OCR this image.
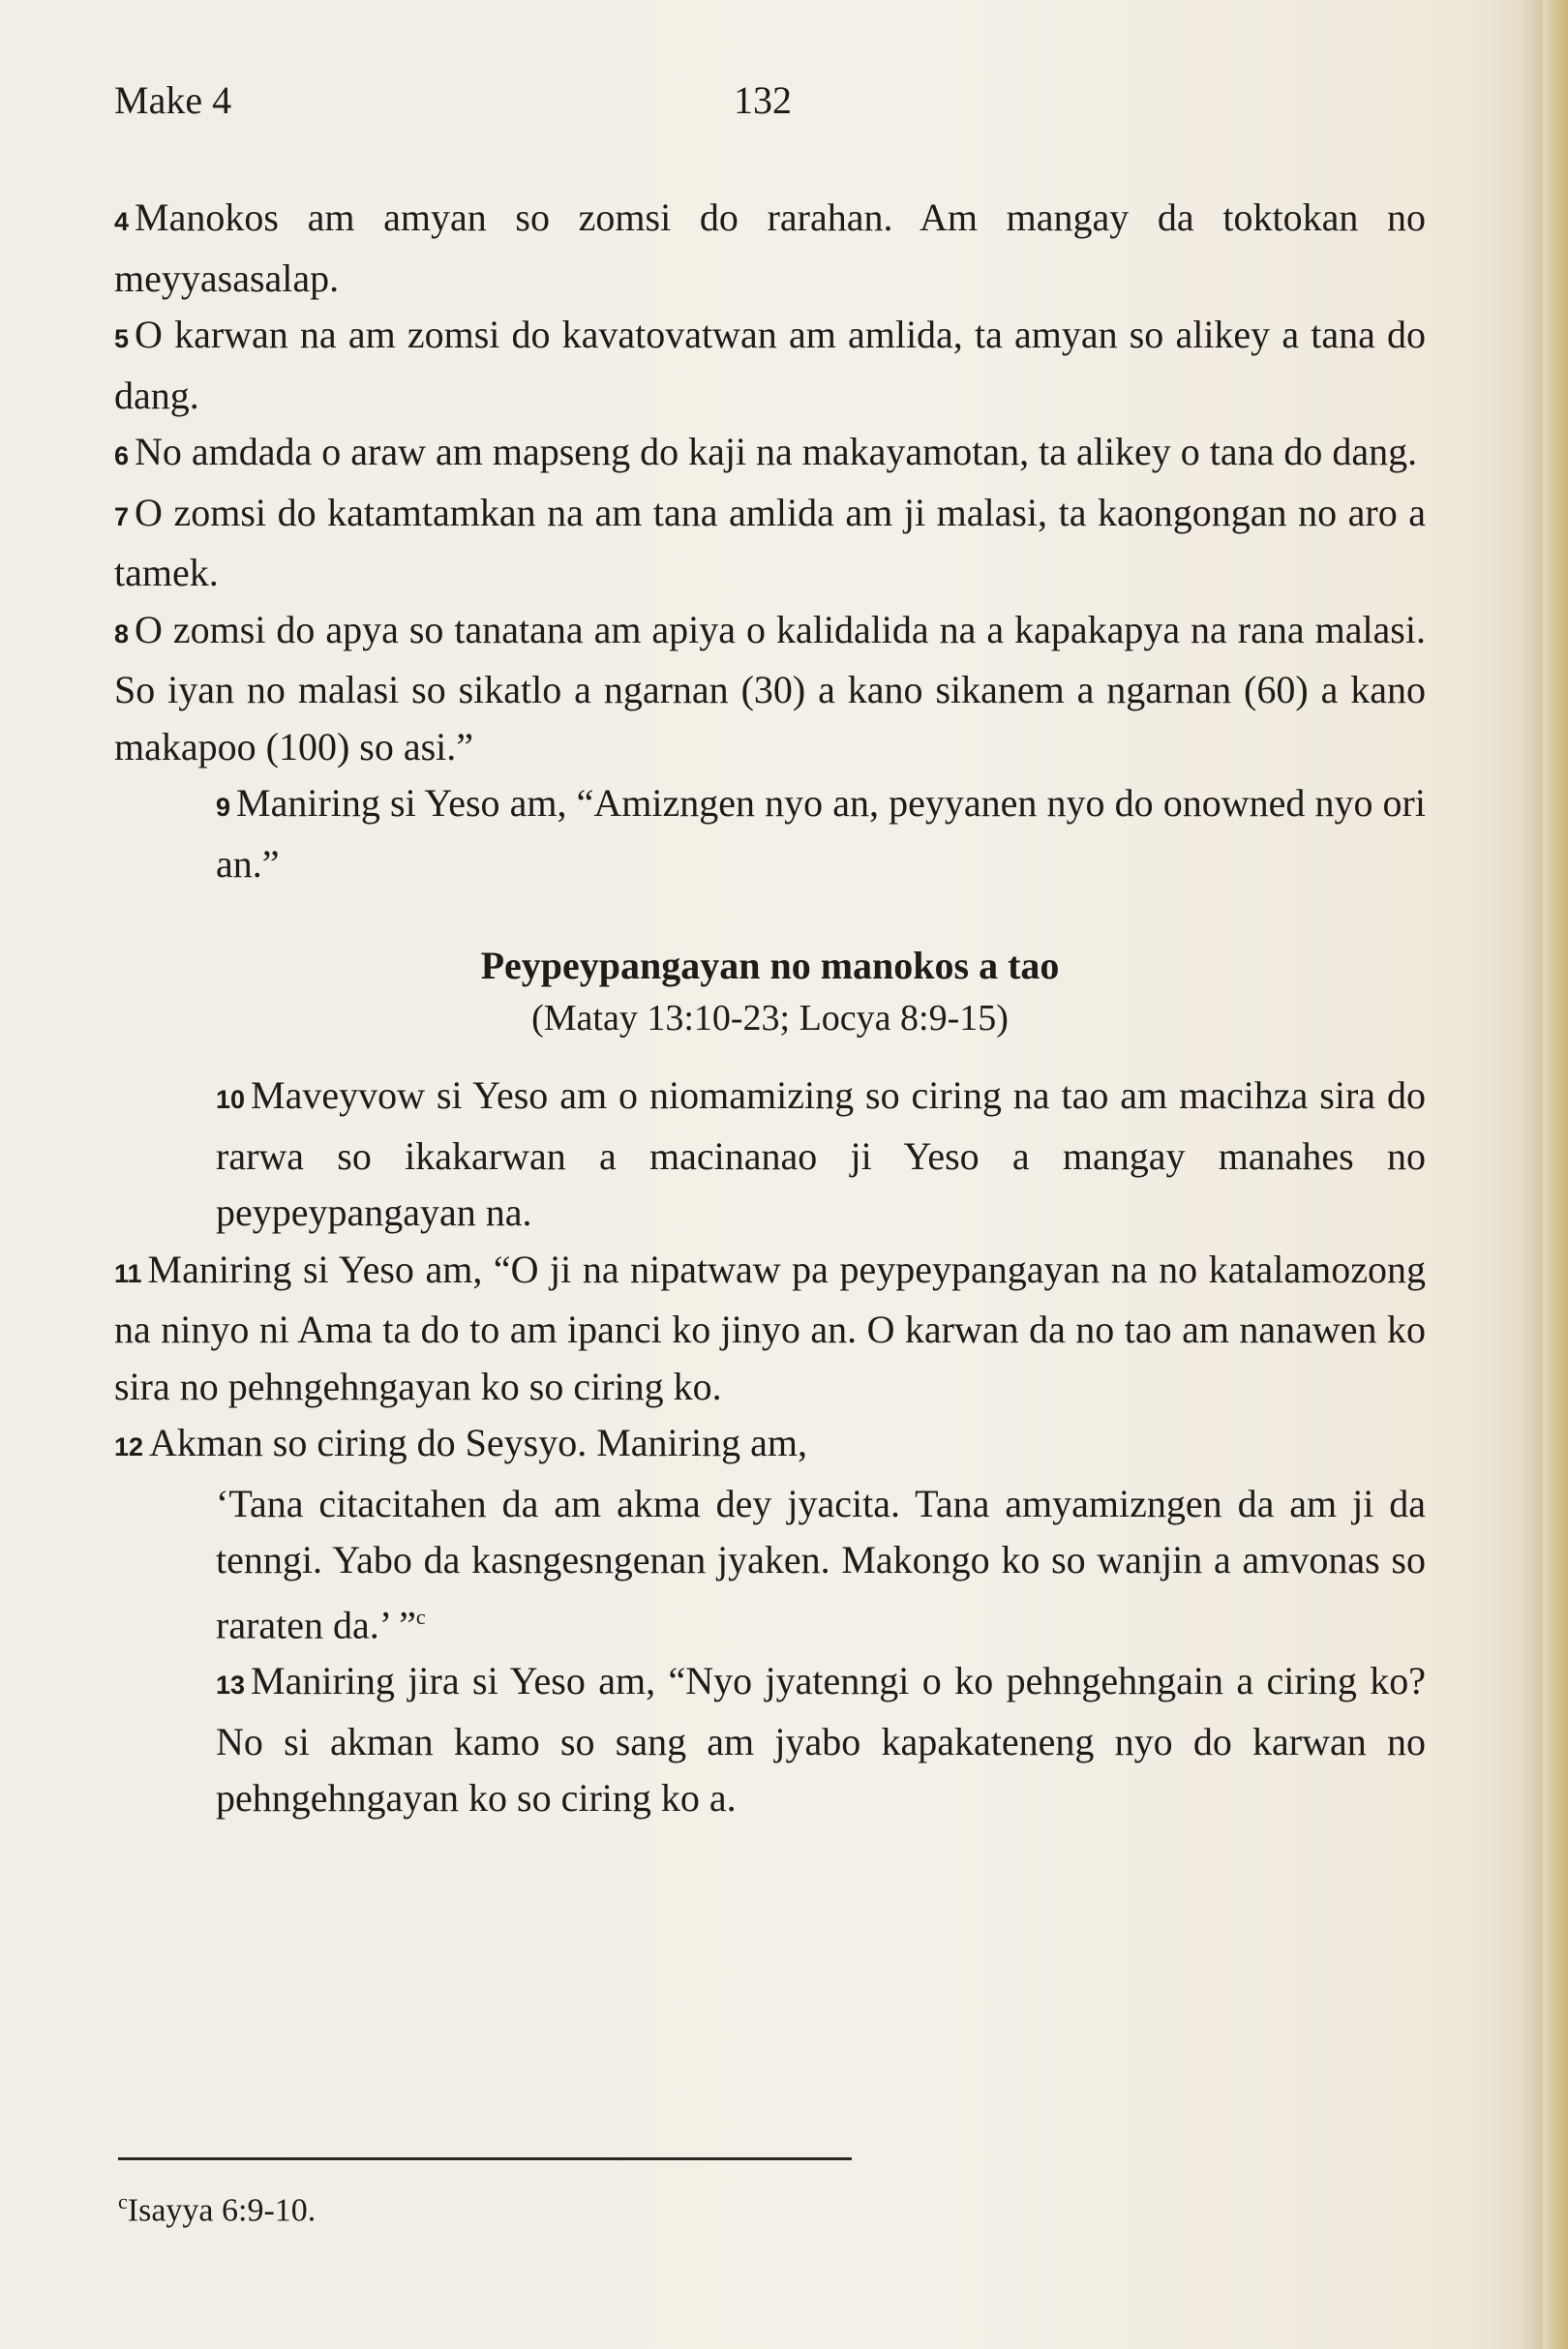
Make 4	132

4 Manokos am amyan so zomsi do rarahan. Am mangay da toktokan no meyyasasalap.

5 O karwan na am zomsi do kavatovatwan am amlida, ta amyan so alikey a tana do dang.

6 No amdada o araw am mapseng do kaji na makayamotan, ta alikey o tana do dang.

7 O zomsi do katamtamkan na am tana amlida am ji malasi, ta kaongongan no aro a tamek.

8 O zomsi do apya so tanatana am apiya o kalidalida na a kapakapya na rana malasi. So iyan no malasi so sikatlo a ngarnan (30) a kano sikanem a ngarnan (60) a kano makapoo (100) so asi.”

9 Maniring si Yeso am, “Amizngen nyo an, peyyanen nyo do onowned nyo ori an.”

Peypeypangayan no manokos a tao

(Matay 13:10-23; Locya 8:9-15)

10 Maveyvow si Yeso am o niomamizing so ciring na tao am macihza sira do rarwa so ikakarwan a macinanao ji Yeso a mangay manahes no peypeypangayan na.

11 Maniring si Yeso am, “O ji na nipatwaw pa peypeypangayan na no katalamozong na ninyo ni Ama ta do to am ipanci ko jinyo an. O karwan da no tao am nanawen ko sira no pehngehngayan ko so ciring ko.

12 Akman so ciring do Seysyo. Maniring am,

‘Tana citacitahen da am akma dey jyacita. Tana amyamizngen da am ji da tenngi. Yabo da kasngesngenan jyaken. Makongo ko so wanjin a amvonas so raraten da.’ ”$^c$

13 Maniring jira si Yeso am, “Nyo jyatenngi o ko pehngehngain a ciring ko? No si akman kamo so sang am jyabo kapakateneng nyo do karwan no pehngehngayan ko so ciring ko a.

$^c$Isayya 6:9-10.
